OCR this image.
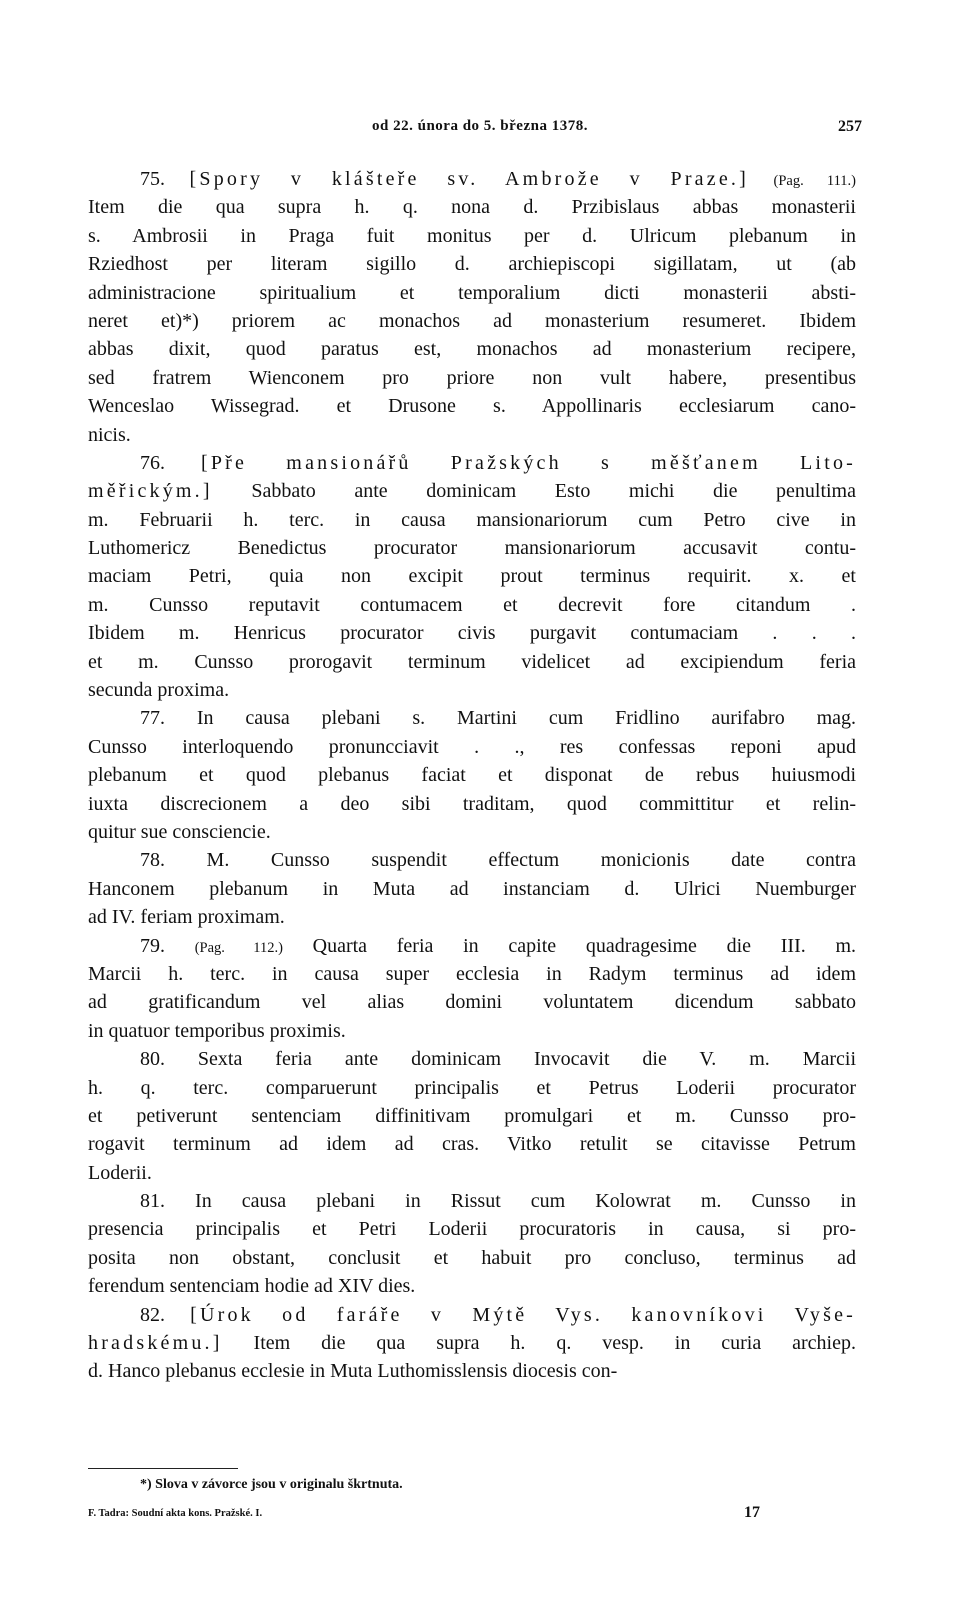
od 22. února do 5. března 1378.	257
75. [Spory v klášteře sv. Ambrože v Praze.] (Pag. 111.)
Item die qua supra h. q. nona d. Przibislaus abbas monasterii
s. Ambrosii in Praga fuit monitus per d. Ulricum plebanum in
Rziedhost per literam sigillo d. archiepiscopi sigillatam, ut (ab
administracione spiritualium et temporalium dicti monasterii absti-
neret et)*) priorem ac monachos ad monasterium resumeret. Ibidem
abbas dixit, quod paratus est, monachos ad monasterium recipere,
sed fratrem Wienconem pro priore non vult habere, presentibus
Wenceslao Wissegrad. et Drusone s. Appollinaris ecclesiarum cano-
nicis.
76. [Pře mansionářů Pražských s měšťanem Lito-
měřickým.] Sabbato ante dominicam Esto michi die penultima
m. Februarii h. terc. in causa mansionariorum cum Petro cive in
Luthomericz Benedictus procurator mansionariorum accusavit contu-
maciam Petri, quia non excipit prout terminus requirit. x. et
m. Cunsso reputavit contumacem et decrevit fore citandum .
Ibidem m. Henricus procurator civis purgavit contumaciam . . .
et m. Cunsso prorogavit terminum videlicet ad excipiendum feria
secunda proxima.
77. In causa plebani s. Martini cum Fridlino aurifabro mag.
Cunsso interloquendo pronuncciavit . ., res confessas reponi apud
plebanum et quod plebanus faciat et disponat de rebus huiusmodi
iuxta discrecionem a deo sibi traditam, quod committitur et relin-
quitur sue consciencie.
78. M. Cunsso suspendit effectum monicionis date contra
Hanconem plebanum in Muta ad instanciam d. Ulrici Nuemburger
ad IV. feriam proximam.
79. (Pag. 112.) Quarta feria in capite quadragesime die III. m.
Marcii h. terc. in causa super ecclesia in Radym terminus ad idem
ad gratificandum vel alias domini voluntatem dicendum sabbato
in quatuor temporibus proximis.
80. Sexta feria ante dominicam Invocavit die V. m. Marcii
h. q. terc. comparuerunt principalis et Petrus Loderii procurator
et petiverunt sentenciam diffinitivam promulgari et m. Cunsso pro-
rogavit terminum ad idem ad cras. Vitko retulit se citavisse Petrum
Loderii.
81. In causa plebani in Rissut cum Kolowrat m. Cunsso in
presencia principalis et Petri Loderii procuratoris in causa, si pro-
posita non obstant, conclusit et habuit pro concluso, terminus ad
ferendum sentenciam hodie ad XIV dies.
82. [Úrok od faráře v Mýtě Vys. kanovníkovi Vyše-
hradskému.] Item die qua supra h. q. vesp. in curia archiep.
d. Hanco plebanus ecclesie in Muta Luthomisslensis diocesis con-
*) Slova v závorce jsou v originalu škrtnuta.
F. Tadra: Soudní akta kons. Pražské. I.	17
